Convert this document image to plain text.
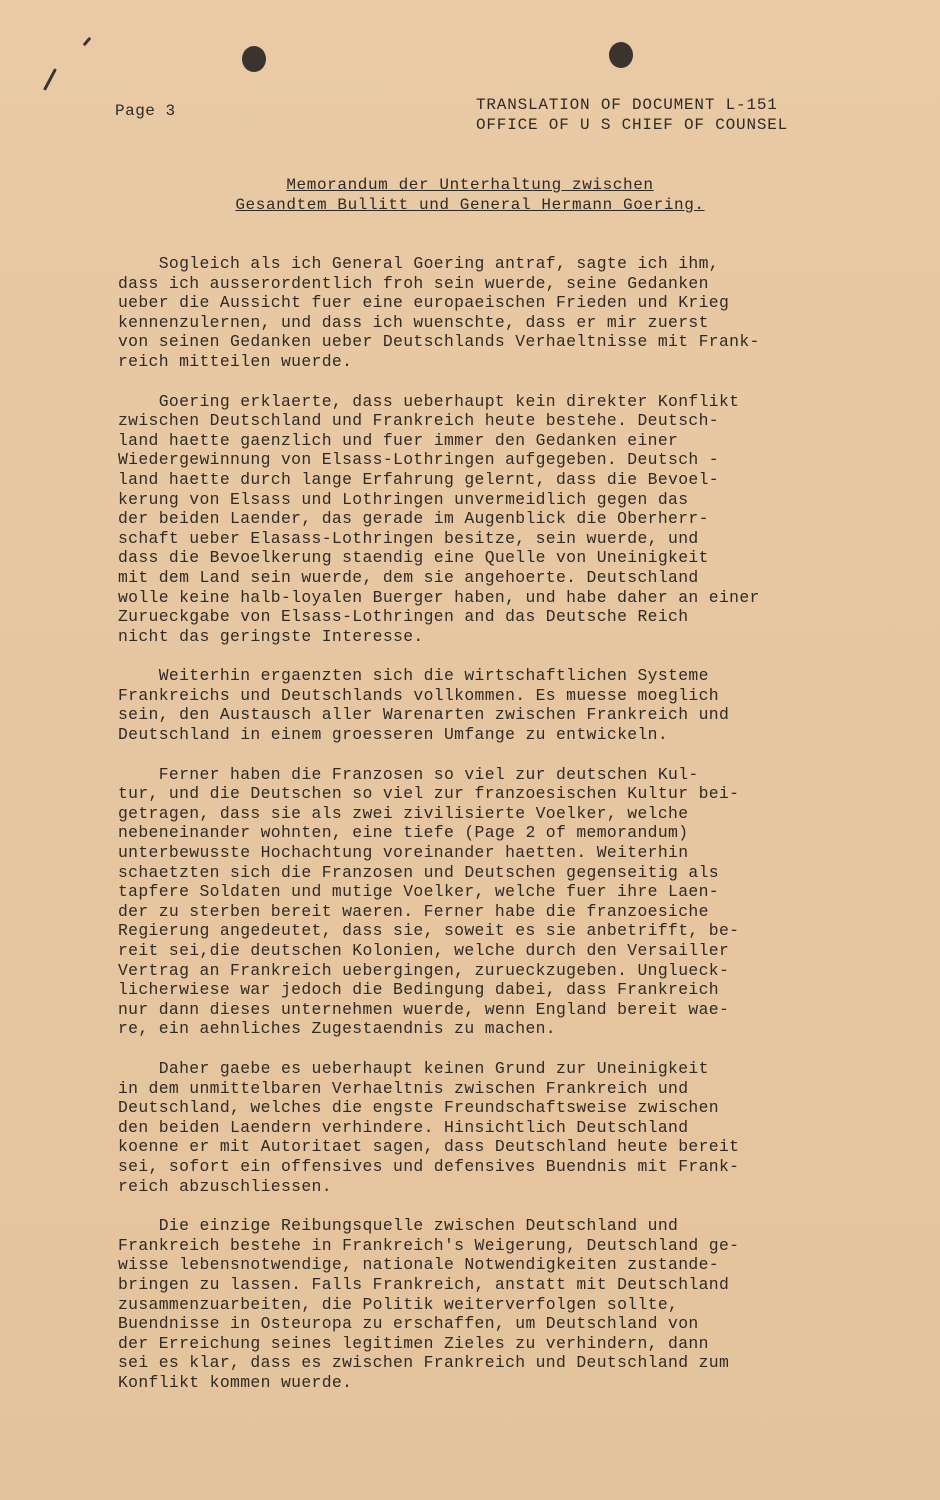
Page 3	TRANSLATION OF DOCUMENT L-151
OFFICE OF U S CHIEF OF COUNSEL
Memorandum der Unterhaltung zwischen
Gesandtem Bullitt und General Hermann Goering.
Sogleich als ich General Goering antraf, sagte ich ihm,
dass ich ausserordentlich froh sein wuerde, seine Gedanken
ueber die Aussicht fuer eine europaeischen Frieden und Krieg
kennenzulernen, und dass ich wuenschte, dass er mir zuerst
von seinen Gedanken ueber Deutschlands Verhaeltnisse mit Frank-
reich mitteilen wuerde.
Goering erklaerte, dass ueberhaupt kein direkter Konflikt
zwischen Deutschland und Frankreich heute bestehe. Deutsch-
land haette gaenzlich und fuer immer den Gedanken einer
Wiedergewinnung von Elsass-Lothringen aufgegeben. Deutsch -
land haette durch lange Erfahrung gelernt, dass die Bevoel-
kerung von Elsass und Lothringen unvermeidlich gegen das
der beiden Laender, das gerade im Augenblick die Oberherr-
schaft ueber Elasass-Lothringen besitze, sein wuerde, und
dass die Bevoelkerung staendig eine Quelle von Uneinigkeit
mit dem Land sein wuerde, dem sie angehoerte. Deutschland
wolle keine halb-loyalen Buerger haben, und habe daher an einer
Zurueckgabe von Elsass-Lothringen and das Deutsche Reich
nicht das geringste Interesse.
Weiterhin ergaenzten sich die wirtschaftlichen Systeme
Frankreichs und Deutschlands vollkommen. Es muesse moeglich
sein, den Austausch aller Warenarten zwischen Frankreich und
Deutschland in einem groesseren Umfange zu entwickeln.
Ferner haben die Franzosen so viel zur deutschen Kul-
tur, und die Deutschen so viel zur franzoesischen Kultur bei-
getragen, dass sie als zwei zivilisierte Voelker, welche
nebeneinander wohnten, eine tiefe (Page 2 of memorandum)
unterbewusste Hochachtung voreinander haetten. Weiterhin
schaetzten sich die Franzosen und Deutschen gegenseitig als
tapfere Soldaten und mutige Voelker, welche fuer ihre Laen-
der zu sterben bereit waeren. Ferner habe die franzoesiche
Regierung angedeutet, dass sie, soweit es sie anbetrifft, be-
reit sei,die deutschen Kolonien, welche durch den Versailler
Vertrag an Frankreich uebergingen, zurueckzugeben. Unglueck-
licherwiese war jedoch die Bedingung dabei, dass Frankreich
nur dann dieses unternehmen wuerde, wenn England bereit wae-
re, ein aehnliches Zugestaendnis zu machen.
Daher gaebe es ueberhaupt keinen Grund zur Uneinigkeit
in dem unmittelbaren Verhaeltnis zwischen Frankreich und
Deutschland, welches die engste Freundschaftsweise zwischen
den beiden Laendern verhindere. Hinsichtlich Deutschland
koenne er mit Autoritaet sagen, dass Deutschland heute bereit
sei, sofort ein offensives und defensives Buendnis mit Frank-
reich abzuschliessen.
Die einzige Reibungsquelle zwischen Deutschland und
Frankreich bestehe in Frankreich's Weigerung, Deutschland ge-
wisse lebensnotwendige, nationale Notwendigkeiten zustande-
bringen zu lassen. Falls Frankreich, anstatt mit Deutschland
zusammenzuarbeiten, die Politik weiterverfolgen sollte,
Buendnisse in Osteuropa zu erschaffen, um Deutschland von
der Erreichung seines legitimen Zieles zu verhindern, dann
sei es klar, dass es zwischen Frankreich und Deutschland zum
Konflikt kommen wuerde.
